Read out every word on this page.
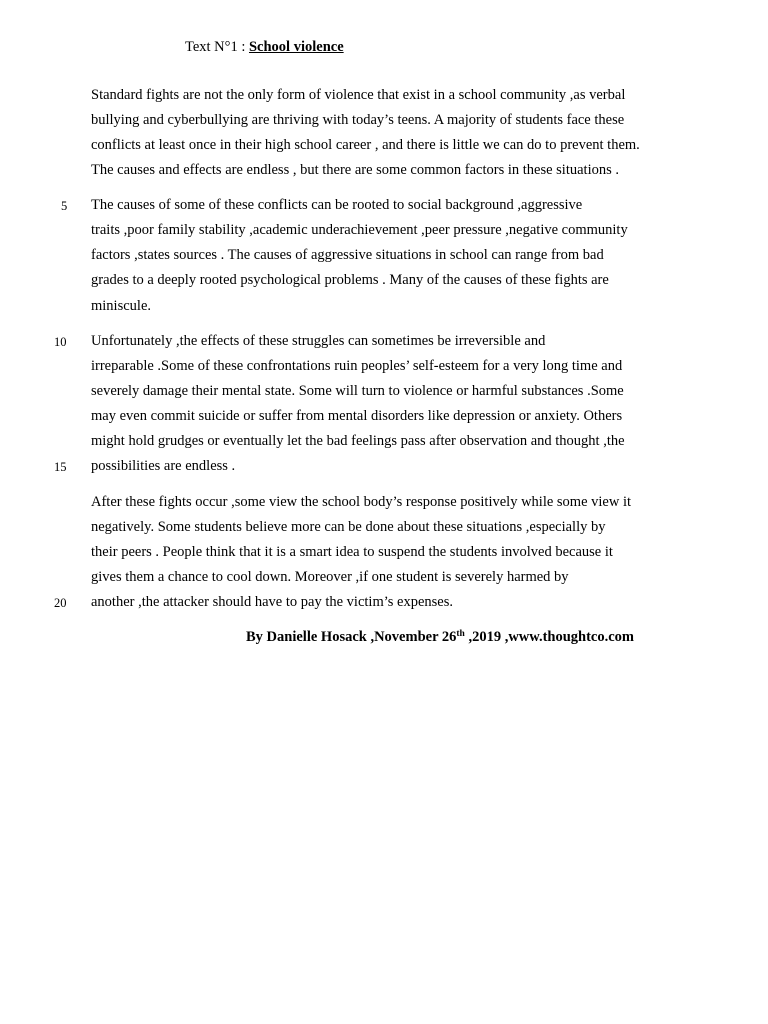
Text N°1 : School violence
Standard fights are not the only form of violence that exist in a school community ,as verbal
bullying and cyberbullying are thriving with today’s teens. A majority of students face these
conflicts at least once in their high school career , and there is little we can do to prevent them.
The causes and effects are endless , but there are some common factors in these situations .
5 The causes of some of these conflicts can be rooted to social background ,aggressive
traits ,poor family stability ,academic underachievement ,peer pressure ,negative community
factors ,states sources . The causes of aggressive situations in school can range from bad
grades to a deeply rooted psychological problems . Many of the causes of these fights are
miniscule.
10 Unfortunately ,the effects of these struggles can sometimes be irreversible and
irreparable .Some of these confrontations ruin peoples’ self-esteem for a very long time and
severely damage their mental state. Some will turn to violence or harmful substances .Some
may even commit suicide or suffer from mental disorders like depression or anxiety. Others
might hold grudges or eventually let the bad feelings pass after observation and thought ,the
15 possibilities are endless .
After these fights occur ,some view the school body’s response positively while some view it
negatively. Some students believe more can be done about these situations ,especially by
their peers . People think that it is a smart idea to suspend the students involved because it
gives them a chance to cool down. Moreover ,if one student is severely harmed by
20 another ,the attacker should have to pay the victim’s expenses.
By Danielle Hosack ,November 26th ,2019 ,www.thoughtco.com
